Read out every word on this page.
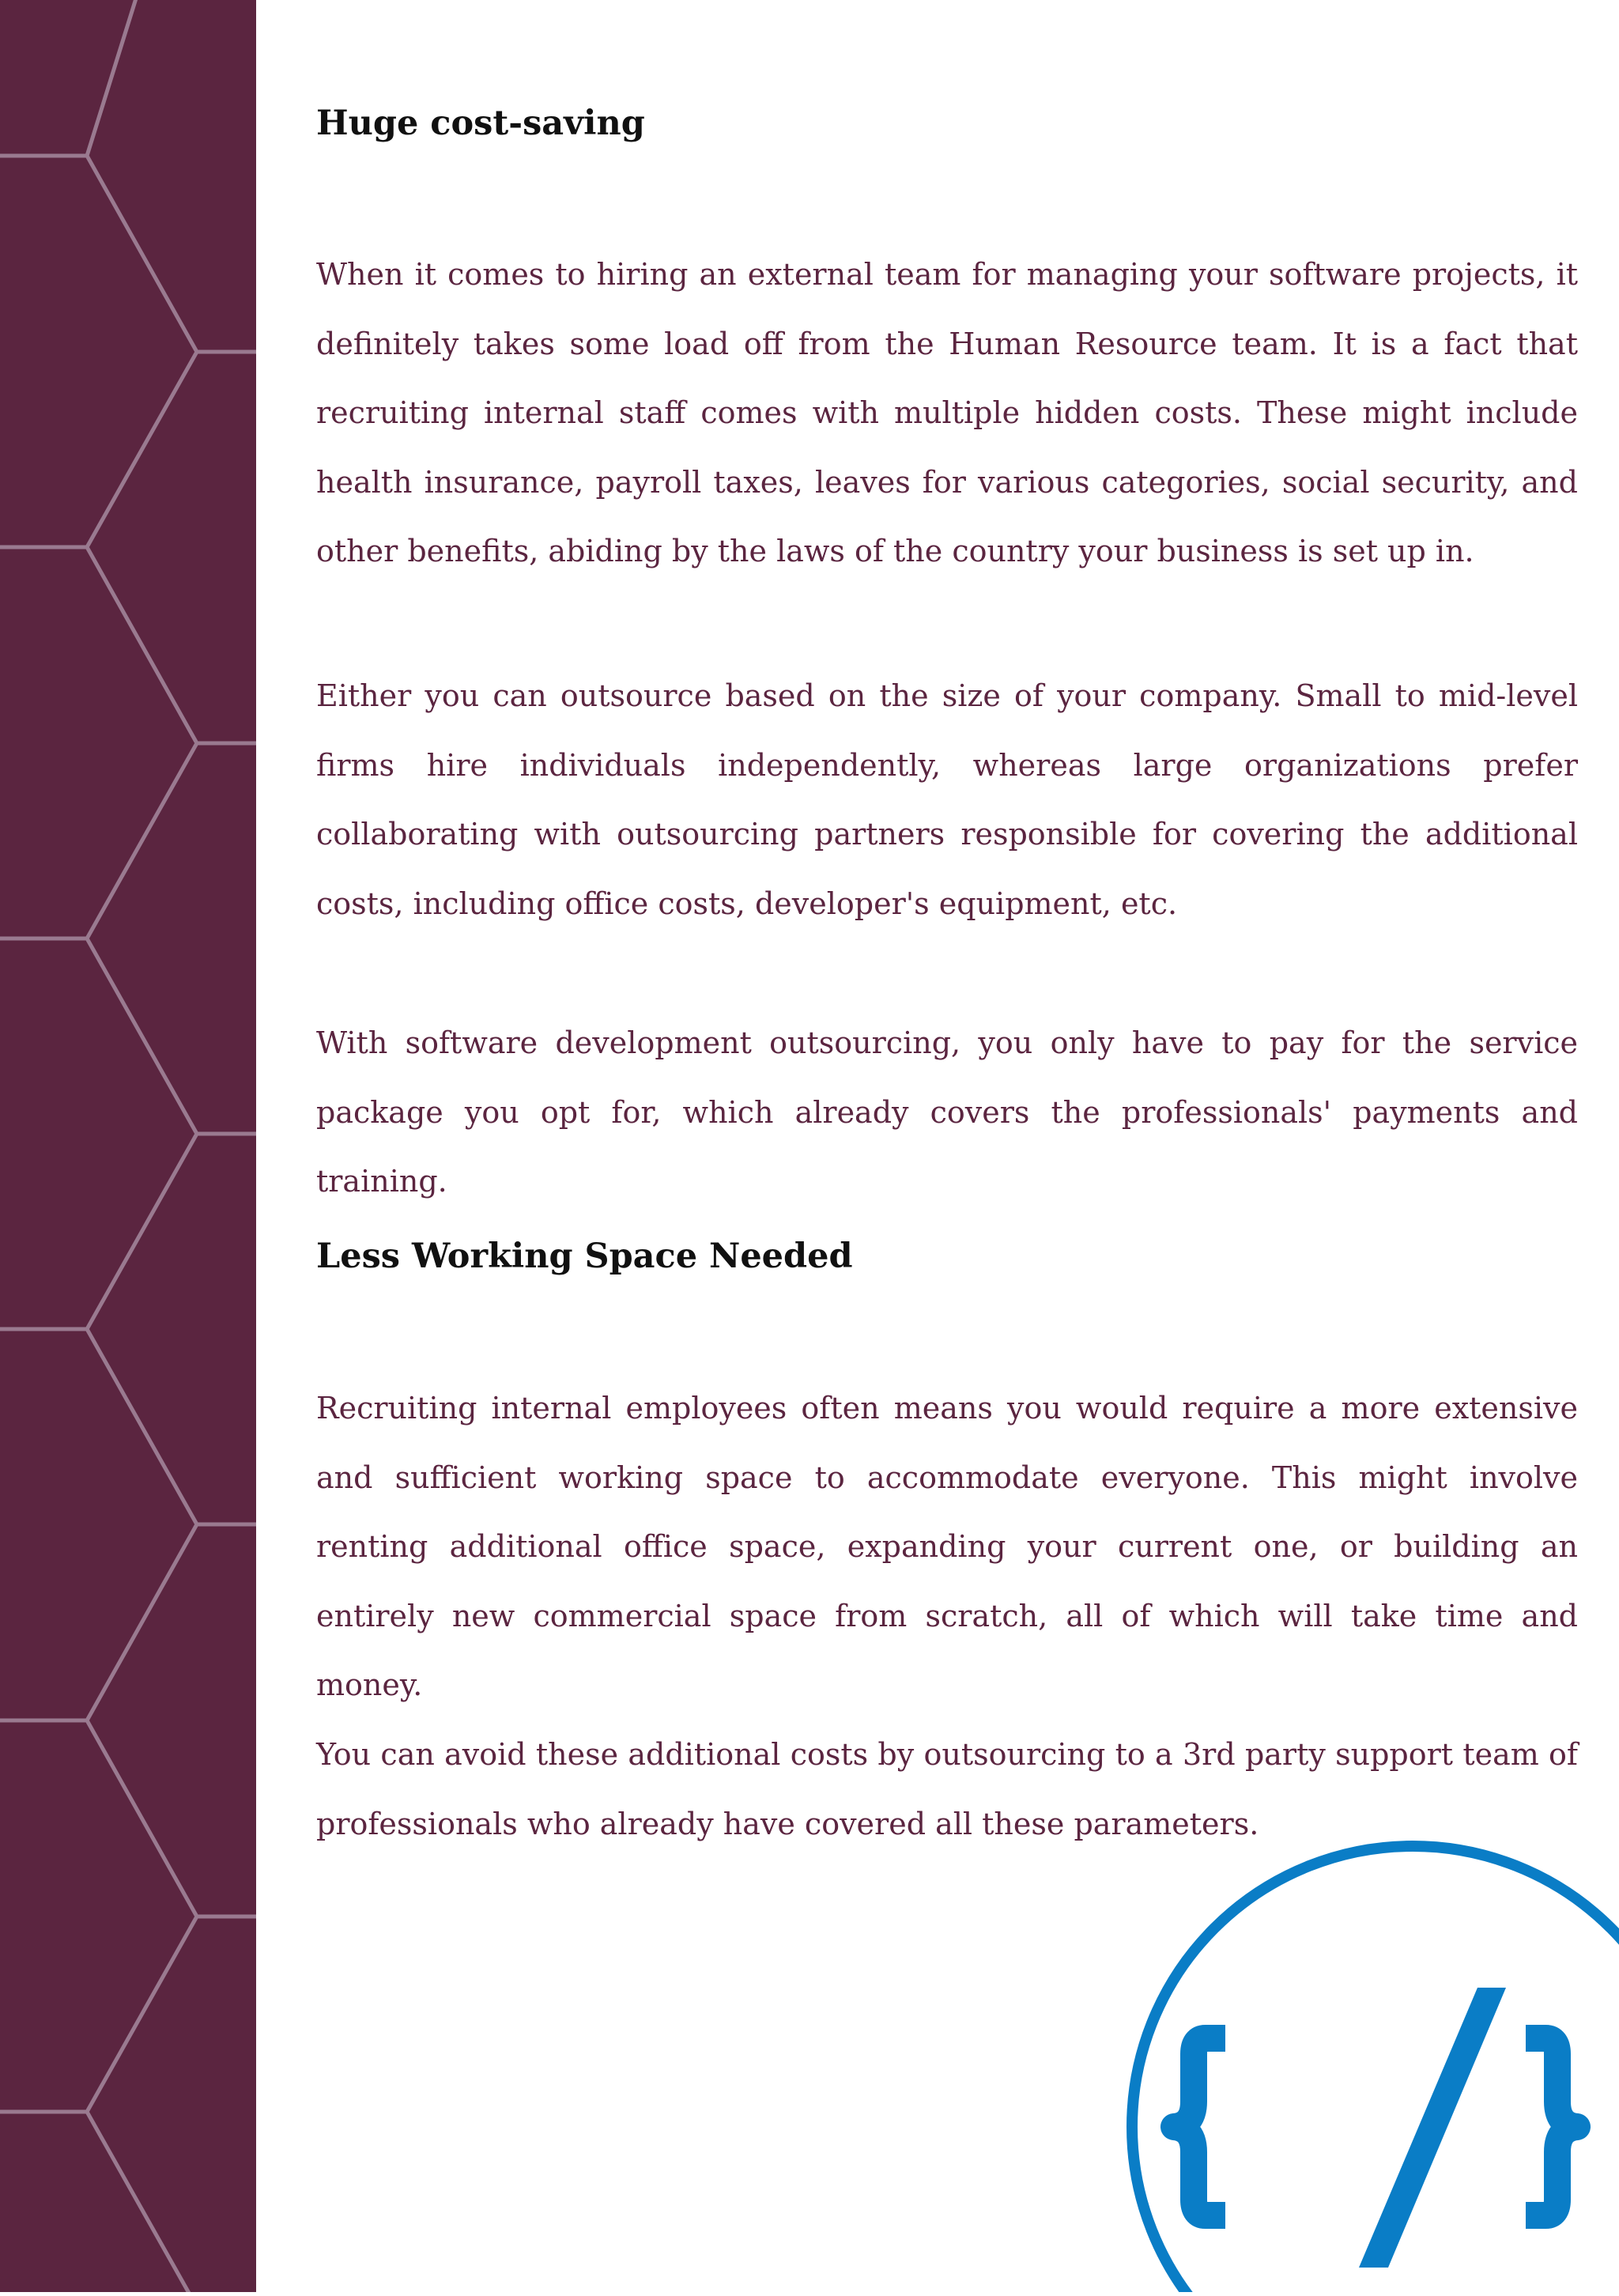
Huge cost-saving

When it comes to hiring an external team for managing your software projects, it definitely takes some load off from the Human Resource team. It is a fact that recruiting internal staff comes with multiple hidden costs. These might include health insurance, payroll taxes, leaves for various categories, social security, and other benefits, abiding by the laws of the country your business is set up in.

Either you can outsource based on the size of your company. Small to mid-level firms hire individuals independently, whereas large organizations prefer collaborating with outsourcing partners responsible for covering the additional costs, including office costs, developer's equipment, etc.

With software development outsourcing, you only have to pay for the service package you opt for, which already covers the professionals' payments and training.

Less Working Space Needed

Recruiting internal employees often means you would require a more extensive and sufficient working space to accommodate everyone. This might involve renting additional office space, expanding your current one, or building an entirely new commercial space from scratch, all of which will take time and money.

You can avoid these additional costs by outsourcing to a 3rd party support team of professionals who already have covered all these parameters.
